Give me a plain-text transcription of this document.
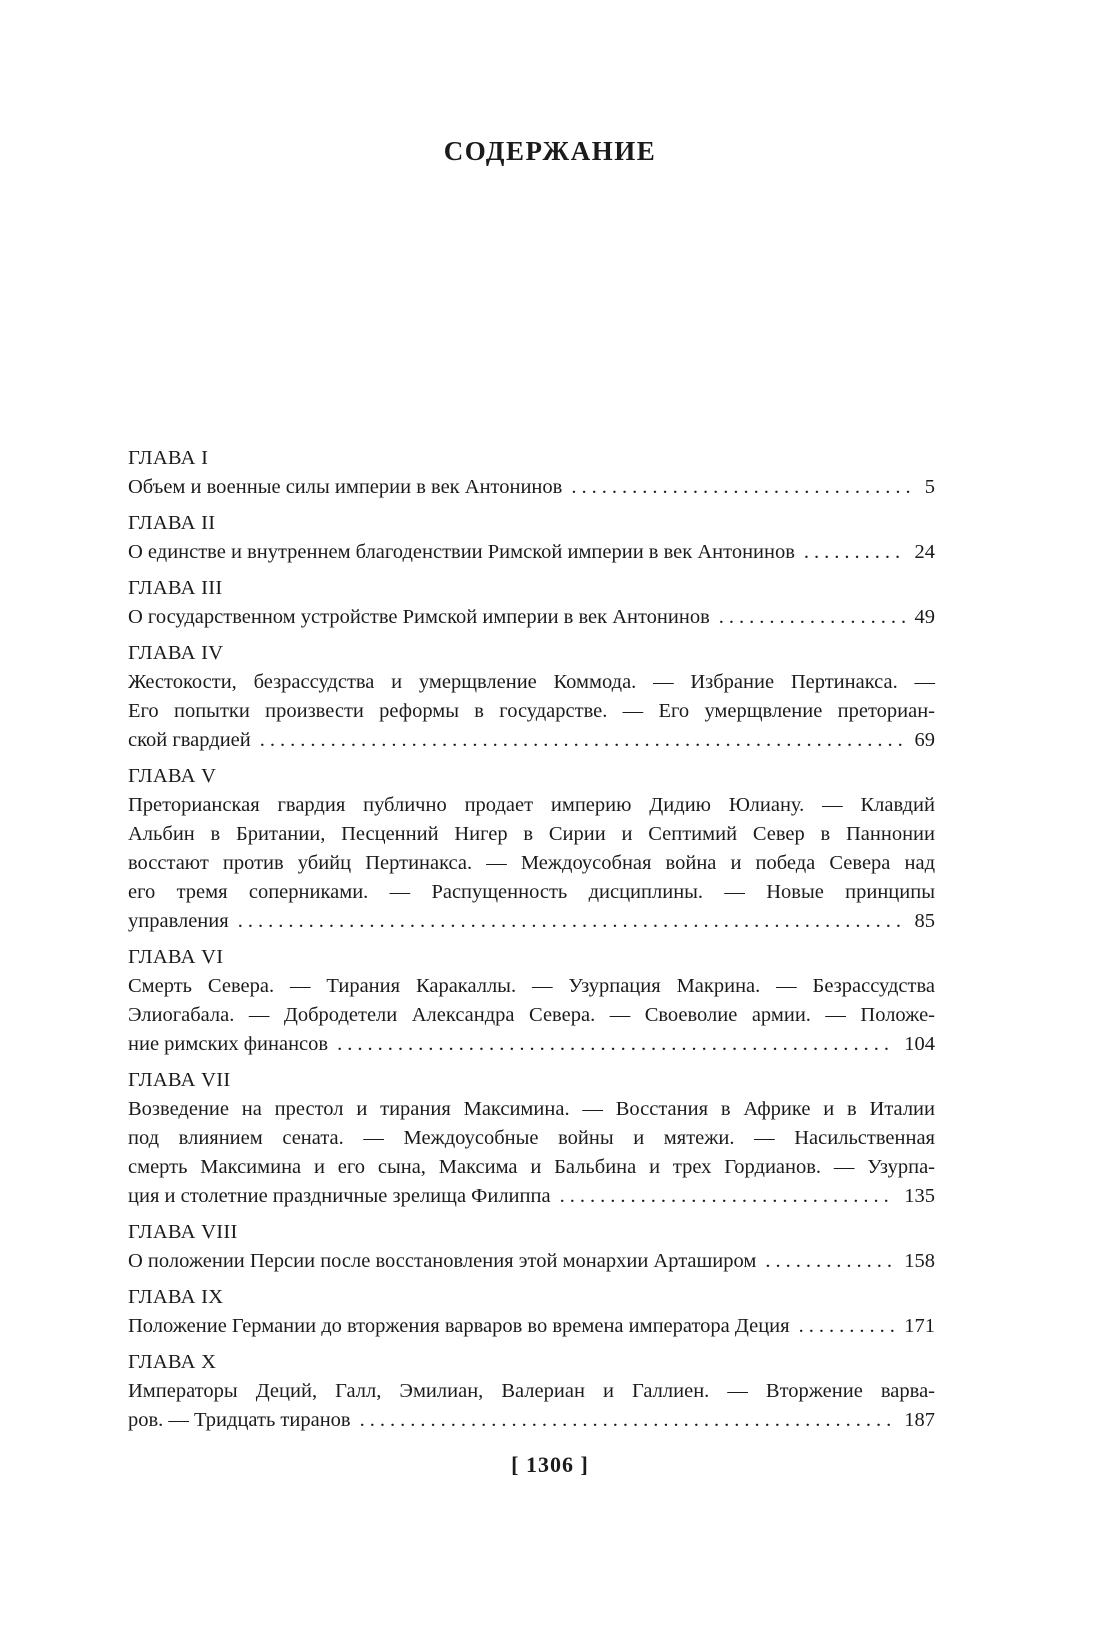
СОДЕРЖАНИЕ
ГЛАВА I
Объем и военные силы империи в век Антонинов .....	5
ГЛАВА II
О единстве и внутреннем благоденствии Римской империи в век Антонинов .....	24
ГЛАВА III
О государственном устройстве Римской империи в век Антонинов .....	49
ГЛАВА IV
Жестокости, безрассудства и умерщвление Коммода. — Избрание Пертинакса. —
Его попытки произвести реформы в государстве. — Его умерщвление преториан-
ской гвардией .....	69
ГЛАВА V
Преторианская гвардия публично продает империю Дидию Юлиану. — Клавдий
Альбин в Британии, Песценний Нигер в Сирии и Септимий Север в Паннонии
восстают против убийц Пертинакса. — Междоусобная война и победа Севера над
его тремя соперниками. — Распущенность дисциплины. — Новые принципы
управления .....	85
ГЛАВА VI
Смерть Севера. — Тирания Каракаллы. — Узурпация Макрина. — Безрассудства
Элиогабала. — Добродетели Александра Севера. — Своеволие армии. — Положе-
ние римских финансов .....	104
ГЛАВА VII
Возведение на престол и тирания Максимина. — Восстания в Африке и в Италии
под влиянием сената. — Междоусобные войны и мятежи. — Насильственная
смерть Максимина и его сына, Максима и Бальбина и трех Гордианов. — Узурпа-
ция и столетние праздничные зрелища Филиппа .....	135
ГЛАВА VIII
О положении Персии после восстановления этой монархии Арташиром .....	158
ГЛАВА IX
Положение Германии до вторжения варваров во времена императора Деция .....	171
ГЛАВА X
Императоры Деций, Галл, Эмилиан, Валериан и Галлиен. — Вторжение варва-
ров. — Тридцать тиранов .....	187
[ 1306 ]
